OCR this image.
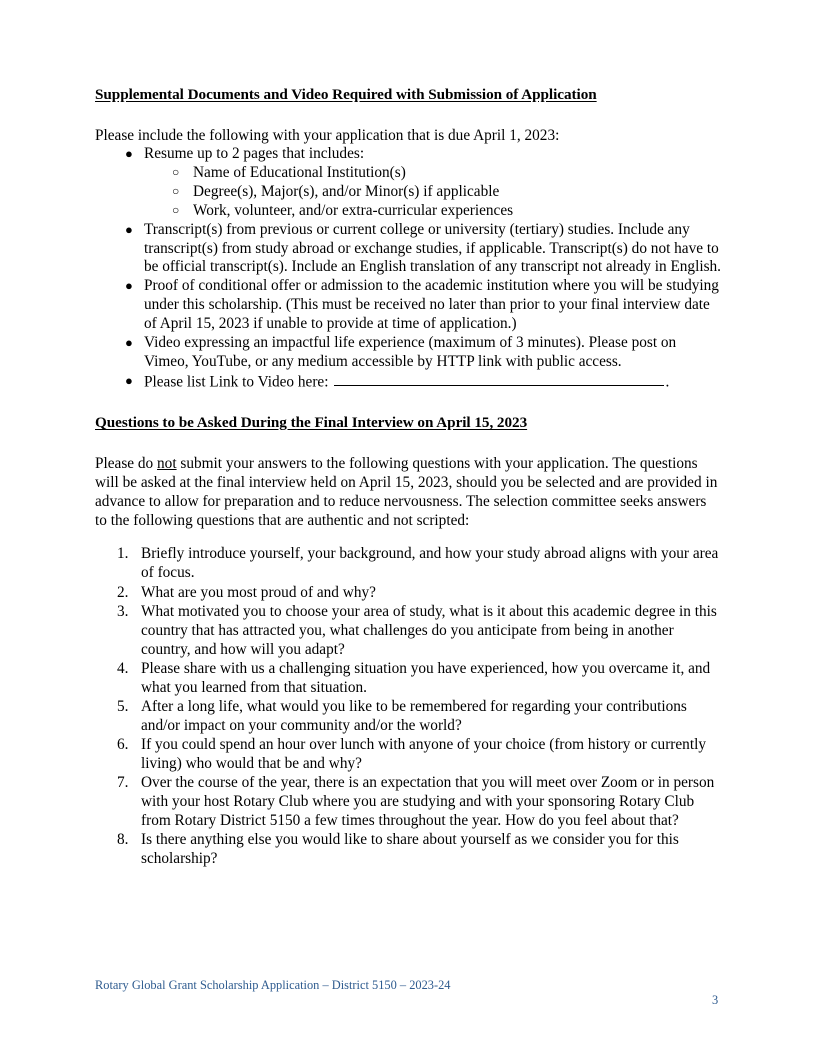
Supplemental Documents and Video Required with Submission of Application

Please include the following with your application that is due April 1, 2023:

● Resume up to 2 pages that includes:
○ Name of Educational Institution(s)
○ Degree(s), Major(s), and/or Minor(s) if applicable
○ Work, volunteer, and/or extra-curricular experiences
● Transcript(s) from previous or current college or university (tertiary) studies. Include any transcript(s) from study abroad or exchange studies, if applicable. Transcript(s) do not have to be official transcript(s). Include an English translation of any transcript not already in English.
● Proof of conditional offer or admission to the academic institution where you will be studying under this scholarship. (This must be received no later than prior to your final interview date of April 15, 2023 if unable to provide at time of application.)
● Video expressing an impactful life experience (maximum of 3 minutes). Please post on Vimeo, YouTube, or any medium accessible by HTTP link with public access.
● Please list Link to Video here:	.
Questions to be Asked During the Final Interview on April 15, 2023

Please do not submit your answers to the following questions with your application. The questions will be asked at the final interview held on April 15, 2023, should you be selected and are provided in advance to allow for preparation and to reduce nervousness. The selection committee seeks answers to the following questions that are authentic and not scripted:

Briefly introduce yourself, your background, and how your study abroad aligns with your area of focus.
What are you most proud of and why?
What motivated you to choose your area of study, what is it about this academic degree in this country that has attracted you, what challenges do you anticipate from being in another country, and how will you adapt?
Please share with us a challenging situation you have experienced, how you overcame it, and what you learned from that situation.
After a long life, what would you like to be remembered for regarding your contributions and/or impact on your community and/or the world?
If you could spend an hour over lunch with anyone of your choice (from history or currently living) who would that be and why?
Over the course of the year, there is an expectation that you will meet over Zoom or in person with your host Rotary Club where you are studying and with your sponsoring Rotary Club from Rotary District 5150 a few times throughout the year. How do you feel about that?
Is there anything else you would like to share about yourself as we consider you for this scholarship?
Rotary Global Grant Scholarship Application – District 5150 – 2023-24
3
